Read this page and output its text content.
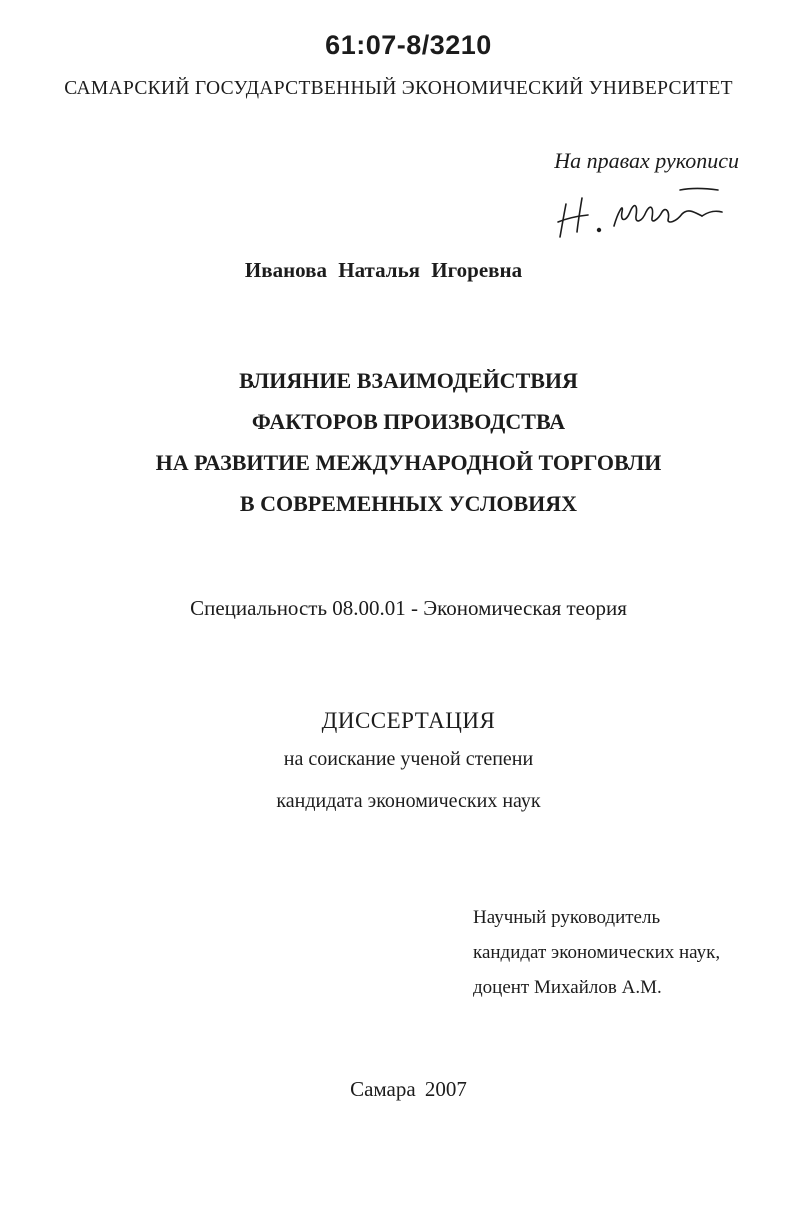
61:07-8/3210
САМАРСКИЙ ГОСУДАРСТВЕННЫЙ ЭКОНОМИЧЕСКИЙ УНИВЕРСИТЕТ
На правах рукописи
Иванова Наталья Игоревна
ВЛИЯНИЕ ВЗАИМОДЕЙСТВИЯ
ФАКТОРОВ ПРОИЗВОДСТВА
НА РАЗВИТИЕ МЕЖДУНАРОДНОЙ ТОРГОВЛИ
В СОВРЕМЕННЫХ УСЛОВИЯХ
Специальность 08.00.01 - Экономическая теория
ДИССЕРТАЦИЯ
на соискание ученой степени
кандидата экономических наук
Научный руководитель
кандидат экономических наук,
доцент Михайлов А.М.
Самара 2007
